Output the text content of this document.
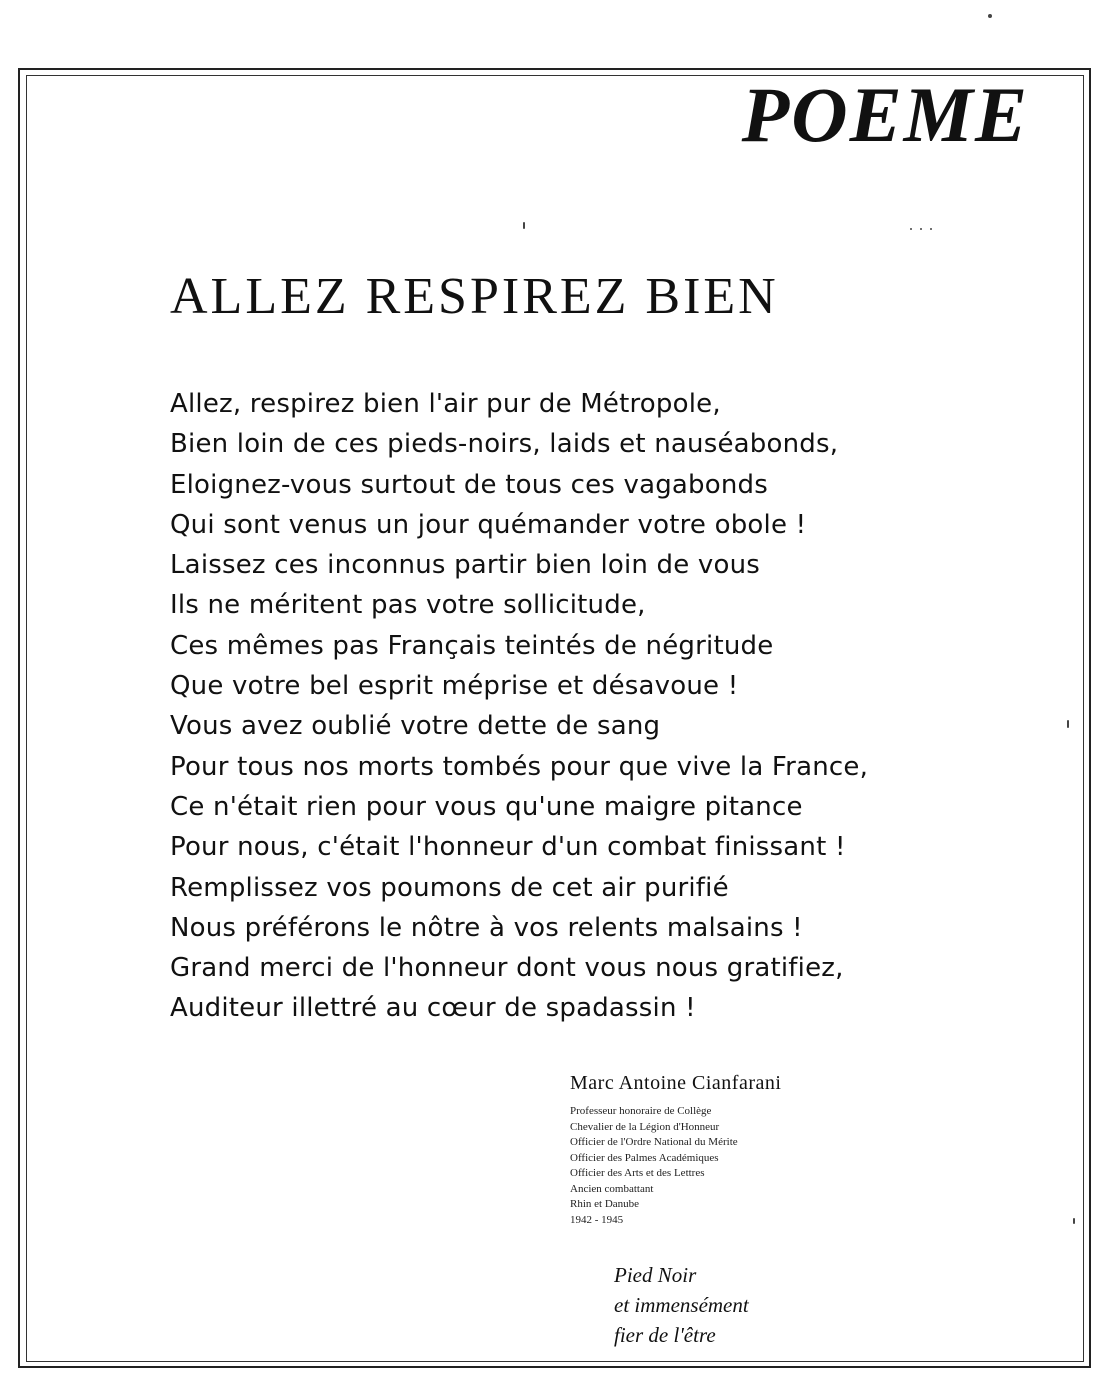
POEME
ALLEZ RESPIREZ BIEN
Allez, respirez bien l'air pur de Métropole,
Bien loin de ces pieds-noirs, laids et nauséabonds,
Eloignez-vous surtout de tous ces vagabonds
Qui sont venus un jour quémander votre obole !
Laissez ces inconnus partir bien loin de vous
Ils ne méritent pas votre sollicitude,
Ces mêmes pas Français teintés de négritude
Que votre bel esprit méprise et désavoue !
Vous avez oublié votre dette de sang
Pour tous nos morts tombés pour que vive la France,
Ce n'était rien pour vous qu'une maigre pitance
Pour nous, c'était l'honneur d'un combat finissant !
Remplissez vos poumons de cet air purifié
Nous préférons le nôtre à vos relents malsains !
Grand merci de l'honneur dont vous nous gratifiez,
Auditeur illettré au cœur de spadassin !

Marc Antoine Cianfarani

Professeur honoraire de Collège
Chevalier de la Légion d'Honneur
Officier de l'Ordre National du Mérite
Officier des Palmes Académiques
Officier des Arts et des Lettres
Ancien combattant
Rhin et Danube
1942 - 1945
Pied Noir
et immensément
fier de l'être
